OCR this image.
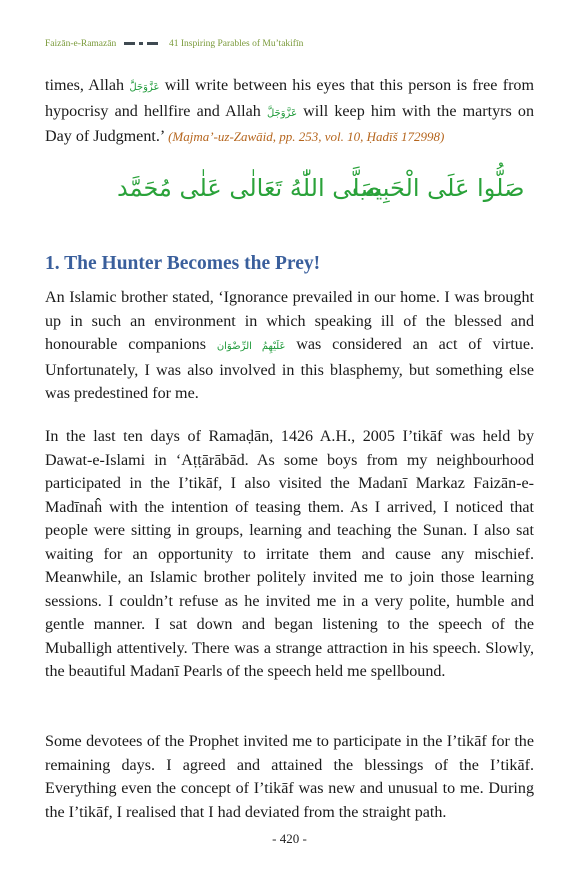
Faizān-e-Ramazān	41 Inspiring Parables of Mu’takifīn
times, Allah عَزَّوَجَلَّ will write between his eyes that this person is free from hypocrisy and hellfire and Allah عَزَّوَجَلَّ will keep him with the martyrs on Day of Judgment.’ (Majma’-uz-Zawāid, pp. 253, vol. 10, Ḥadīš 172998)
صَلَّى اللّٰهُ تَعَالٰى عَلٰى مُحَمَّد
صَلُّوا عَلَى الْحَبِيب
1. The Hunter Becomes the Prey!
An Islamic brother stated, ‘Ignorance prevailed in our home. I was brought up in such an environment in which speaking ill of the blessed and honourable companions عَلَيْهِمُ الرِّضْوَان was considered an act of virtue. Unfortunately, I was also involved in this blasphemy, but something else was predestined for me.
In the last ten days of Ramaḍān, 1426 A.H., 2005 I’tikāf was held by Dawat-e-Islami in ‘Aṭṭārābād. As some boys from my neighbourhood participated in the I’tikāf, I also visited the Madanī Markaz Faizān-e-Madīnaĥ with the intention of teasing them. As I arrived, I noticed that people were sitting in groups, learning and teaching the Sunan. I also sat waiting for an opportunity to irritate them and cause any mischief. Meanwhile, an Islamic brother politely invited me to join those learning sessions. I couldn’t refuse as he invited me in a very polite, humble and gentle manner. I sat down and began listening to the speech of the Muballigh attentively. There was a strange attraction in his speech. Slowly, the beautiful Madanī Pearls of the speech held me spellbound.
Some devotees of the Prophet invited me to participate in the I’tikāf for the remaining days. I agreed and attained the blessings of the I’tikāf. Everything even the concept of I’tikāf was new and unusual to me. During the I’tikāf, I realised that I had deviated from the straight path.
- 420 -
